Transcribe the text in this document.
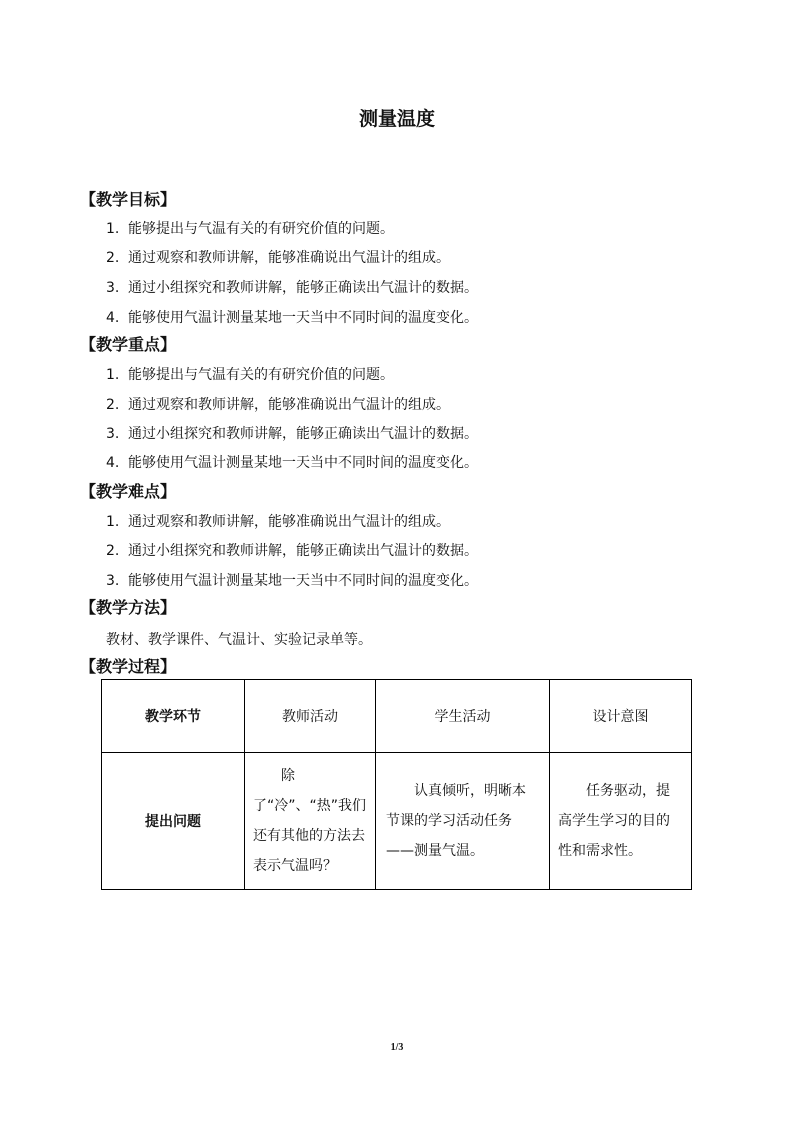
测量温度
【教学目标】
1. 能够提出与气温有关的有研究价值的问题。
2. 通过观察和教师讲解，能够准确说出气温计的组成。
3. 通过小组探究和教师讲解，能够正确读出气温计的数据。
4. 能够使用气温计测量某地一天当中不同时间的温度变化。
【教学重点】
1. 能够提出与气温有关的有研究价值的问题。
2. 通过观察和教师讲解，能够准确说出气温计的组成。
3. 通过小组探究和教师讲解，能够正确读出气温计的数据。
4. 能够使用气温计测量某地一天当中不同时间的温度变化。
【教学难点】
1. 通过观察和教师讲解，能够准确说出气温计的组成。
2. 通过小组探究和教师讲解，能够正确读出气温计的数据。
3. 能够使用气温计测量某地一天当中不同时间的温度变化。
【教学方法】
教材、教学课件、气温计、实验记录单等。
【教学过程】
教学环节	教师活动	学生活动	设计意图
提出问题	除了“冷”、“热”我们还有其他的方法去表示气温吗？	认真倾听，明晰本节课的学习活动任务——测量气温。	任务驱动，提高学生学习的目的性和需求性。
1/3
